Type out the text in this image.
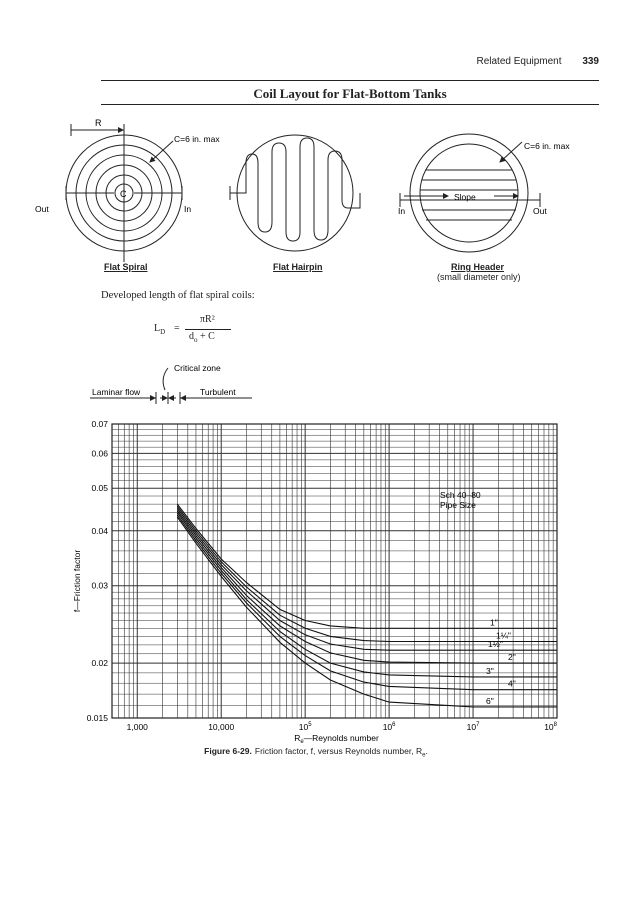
Related Equipment 339
Coil Layout for Flat-Bottom Tanks
R
C=6 in. max
Out	In
C
C=6 in. max
In	Out
Slope
Flat Spiral	Flat Hairpin	Ring Header
(small diameter only)
Developed length of flat spiral coils:
$L_D$ =
πR²
$d_o + C$
Critical zone
Laminar flow	Turbulent
0.07
0.06
0.05
0.04
0.03
0.02
0.015
1,000	10,000	$10^5$	$10^6$	$10^7$	$10^8$
1"
1¼"
1½"
2"
3"
4"
6"
f—Friction factor
$R_e—Reynolds$ number
Sch 40–80
Pipe Size
Figure 6-29. Friction factor, f, versus Reynolds number, $R_e$.
